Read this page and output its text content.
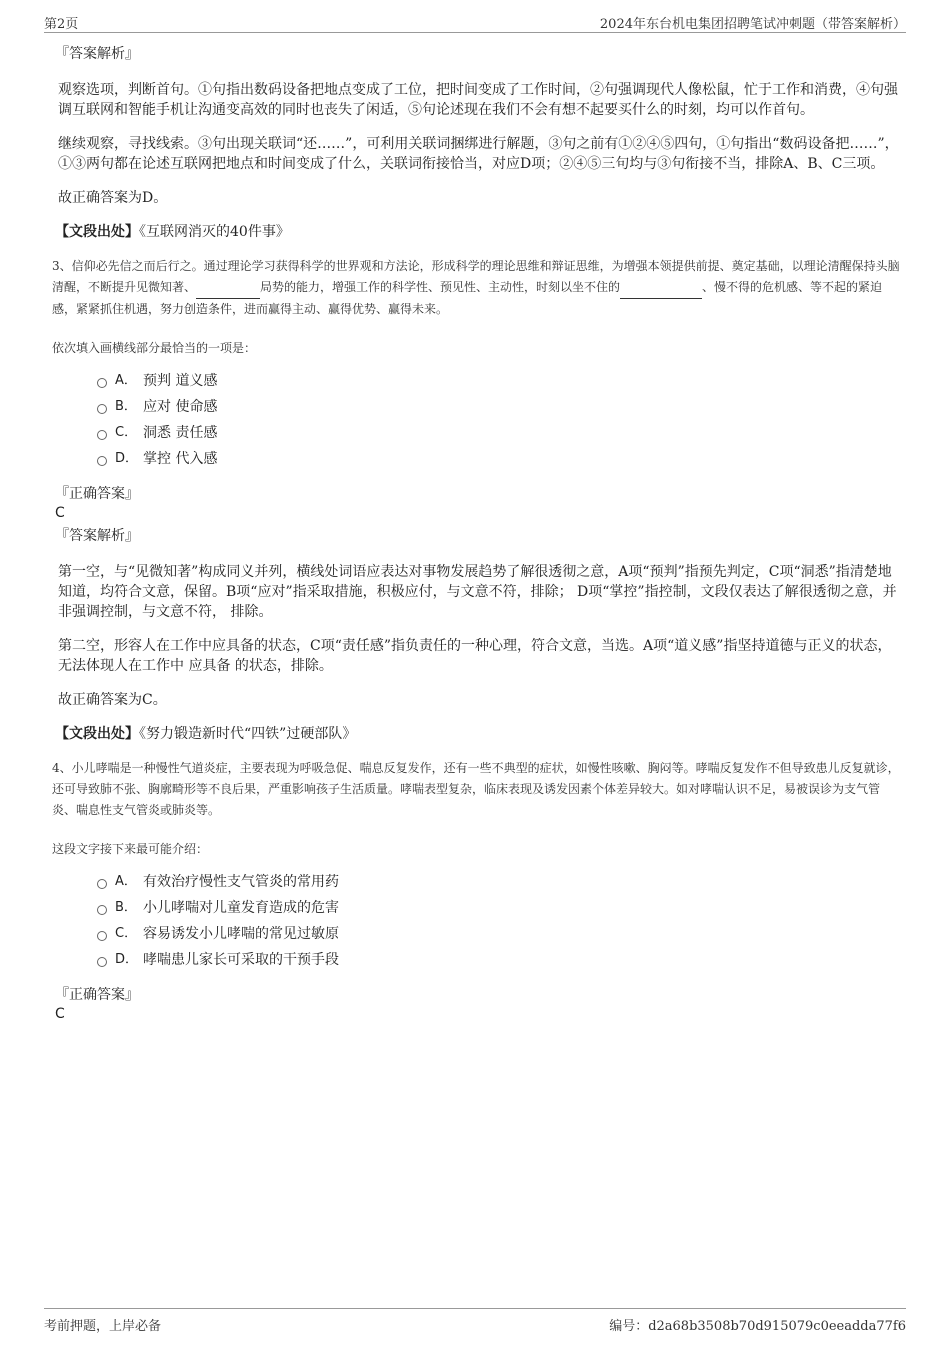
第2页	2024年东台机电集团招聘笔试冲刺题（带答案解析）

『答案解析』

观察选项，判断首句。①句指出数码设备把地点变成了工位，把时间变成了工作时间，②句强调现代人像松鼠，忙于工作和消费，④句强调互联网和智能手机让沟通变高效的同时也丧失了闲适，⑤句论述现在我们不会有想不起要买什么的时刻，均可以作首句。

继续观察，寻找线索。③句出现关联词“还……”，可利用关联词捆绑进行解题，③句之前有①②④⑤四句，①句指出“数码设备把……”，①③两句都在论述互联网把地点和时间变成了什么，关联词衔接恰当，对应D项；②④⑤三句均与③句衔接不当，排除A、B、C三项。

故正确答案为D。

【文段出处】《互联网消灭的40件事》

3、信仰必先信之而后行之。通过理论学习获得科学的世界观和方法论，形成科学的理论思维和辩证思维，为增强本领提供前提、奠定基础，以理论清醒保持头脑清醒，不断提升见微知著、	局势的能力，增强工作的科学性、预见性、主动性，时刻以坐不住的	、慢不得的危机感、等不起的紧迫感，紧紧抓住机遇，努力创造条件，进而赢得主动、赢得优势、赢得未来。

依次填入画横线部分最恰当的一项是：

A． 预判 道义感
B． 应对 使命感
C． 洞悉 责任感
D． 掌控 代入感

『正确答案』

C

『答案解析』

第一空，与“见微知著”构成同义并列，横线处词语应表达对事物发展趋势了解很透彻之意，A项“预判”指预先判定，C项“洞悉”指清楚地知道，均符合文意，保留。B项“应对”指采取措施，积极应付，与文意不符，排除； D项“掌控”指控制，文段仅表达了解很透彻之意，并非强调控制，与文意不符， 排除。

第二空，形容人在工作中应具备的状态，C项“责任感”指负责任的一种心理，符合文意，当选。A项“道义感”指坚持道德与正义的状态，无法体现人在工作中 应具备 的状态，排除。

故正确答案为C。

【文段出处】《努力锻造新时代“四铁”过硬部队》

4、小儿哮喘是一种慢性气道炎症，主要表现为呼吸急促、喘息反复发作，还有一些不典型的症状，如慢性咳嗽、胸闷等。哮喘反复发作不但导致患儿反复就诊，还可导致肺不张、胸廓畸形等不良后果，严重影响孩子生活质量。哮喘表型复杂，临床表现及诱发因素个体差异较大。如对哮喘认识不足，易被误诊为支气管炎、喘息性支气管炎或肺炎等。

这段文字接下来最可能介绍：

A． 有效治疗慢性支气管炎的常用药
B． 小儿哮喘对儿童发育造成的危害
C． 容易诱发小儿哮喘的常见过敏原
D． 哮喘患儿家长可采取的干预手段

『正确答案』

C

考前押题，上岸必备	编号：d2a68b3508b70d915079c0eeadda77f6
